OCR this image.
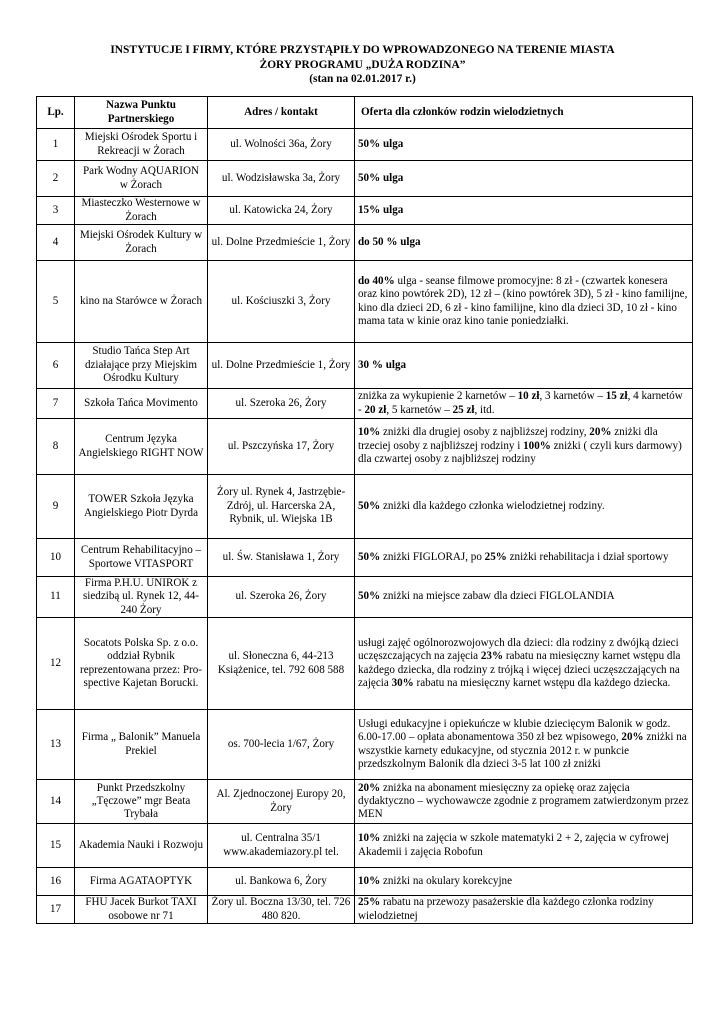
INSTYTUCJE I FIRMY, KTÓRE PRZYSTĄPIŁY DO WPROWADZONEGO NA TERENIE MIASTA
ŻORY PROGRAMU „DUŻA RODZINA”
(stan na 02.01.2017 r.)
Lp.	Nazwa Punktu Partnerskiego	Adres / kontakt	Oferta dla członków rodzin wielodzietnych
1	Miejski Ośrodek Sportu i Rekreacji w Żorach	ul. Wolności 36a, Żory	50% ulga
2	Park Wodny AQUARION w Żorach	ul. Wodzisławska 3a, Żory	50% ulga
3	Miasteczko Westernowe w Żorach	ul. Katowicka 24, Żory	15% ulga
4	Miejski Ośrodek Kultury w Żorach	ul. Dolne Przedmieście 1, Żory	do 50 % ulga
5	kino na Starówce w Żorach	ul. Kościuszki 3, Żory	do 40% ulga - seanse filmowe promocyjne: 8 zł - (czwartek konesera oraz kino powtórek 2D), 12 zł – (kino powtórek 3D), 5 zł - kino familijne, kino dla dzieci 2D, 6 zł - kino familijne, kino dla dzieci 3D, 10 zł - kino mama tata w kinie oraz kino tanie poniedziałki.
6	Studio Tańca Step Art działające przy Miejskim Ośrodku Kultury	ul. Dolne Przedmieście 1, Żory	30 % ulga
7	Szkoła Tańca Movimento	ul. Szeroka 26, Żory	zniżka za wykupienie 2 karnetów – 10 zł, 3 karnetów – 15 zł, 4 karnetów - 20 zł, 5 karnetów – 25 zł, itd.
8	Centrum Języka Angielskiego RIGHT NOW	ul. Pszczyńska 17, Żory	10% zniżki dla drugiej osoby z najbliższej rodziny, 20% zniżki dla trzeciej osoby z najbliższej rodziny i 100% zniżki ( czyli kurs darmowy) dla czwartej osoby z najbliższej rodziny
9	TOWER Szkoła Języka Angielskiego Piotr Dyrda	Żory ul. Rynek 4, Jastrzębie-Zdrój, ul. Harcerska 2A, Rybnik, ul. Wiejska 1B	50% zniżki dla każdego członka wielodzietnej rodziny.
10	Centrum Rehabilitacyjno – Sportowe VITASPORT	ul. Św. Stanisława 1, Żory	50% zniżki FIGLORAJ, po 25% zniżki rehabilitacja i dział sportowy
11	Firma P.H.U. UNIROK z siedzibą ul. Rynek 12, 44-240 Żory	ul. Szeroka 26, Żory	50% zniżki na miejsce zabaw dla dzieci FIGLOLANDIA
12	Socatots Polska Sp. z o.o. oddział Rybnik reprezentowana przez: Pro-spective Kajetan Borucki.	ul. Słoneczna 6, 44-213 Książenice, tel. 792 608 588	usługi zajęć ogólnorozwojowych dla dzieci: dla rodziny z dwójką dzieci uczęszczających na zajęcia 23% rabatu na miesięczny karnet wstępu dla każdego dziecka, dla rodziny z trójką i więcej dzieci uczęszczających na zajęcia 30% rabatu na miesięczny karnet wstępu dla każdego dziecka.
13	Firma „ Balonik” Manuela Prekiel	os. 700-lecia 1/67, Żory	Usługi edukacyjne i opiekuńcze w klubie dziecięcym Balonik w godz. 6.00-17.00 – opłata abonamentowa 350 zł bez wpisowego, 20% zniżki na wszystkie karnety edukacyjne, od stycznia 2012 r. w punkcie przedszkolnym Balonik dla dzieci 3-5 lat 100 zł zniżki
14	Punkt Przedszkolny „Tęczowe” mgr Beata Trybała	Al. Zjednoczonej Europy 20, Żory	20% zniżka na abonament miesięczny za opiekę oraz zajęcia dydaktyczno – wychowawcze zgodnie z programem zatwierdzonym przez MEN
15	Akademia Nauki i Rozwoju	ul. Centralna 35/1 www.akademiazory.pl tel.	10% zniżki na zajęcia w szkole matematyki 2 + 2, zajęcia w cyfrowej Akademii i zajęcia Robofun
16	Firma AGATAOPTYK	ul. Bankowa 6, Żory	10% zniżki na okulary korekcyjne
17	FHU Jacek Burkot TAXI osobowe nr 71	Żory ul. Boczna 13/30, tel. 726 480 820.	25% rabatu na przewozy pasażerskie dla każdego członka rodziny wielodzietnej
